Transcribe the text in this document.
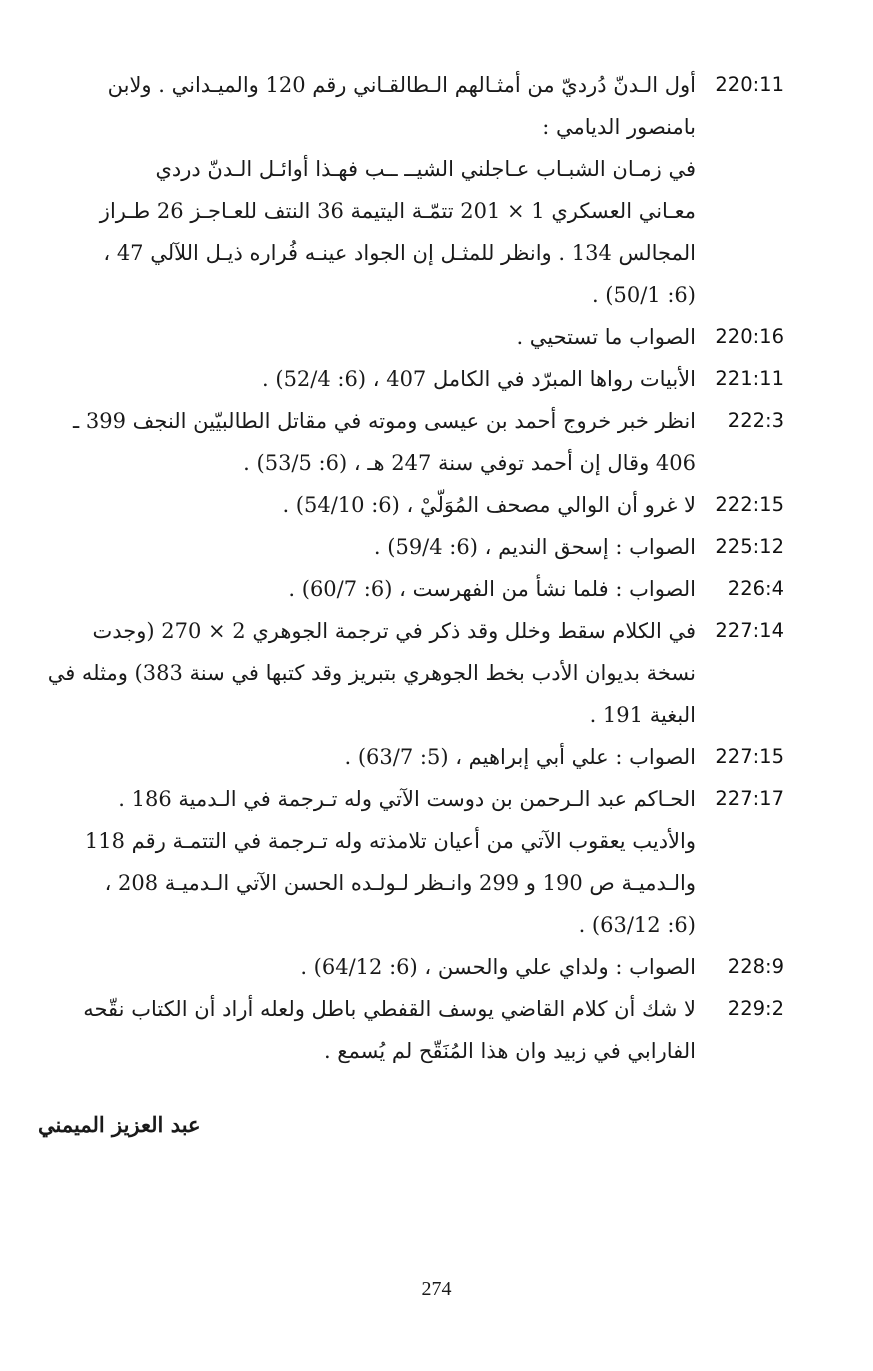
220:11
أول الـدنّ دُرديّ من أمثـالهم الـطالقـاني رقم 120 والميـداني . ولابن
بامنصور الديامي :
في زمـان الشبـاب عـاجلني الشيــ ــب فهـذا أوائـل الـدنّ دردي
معـاني العسكري 1 × 201 تتمّـة اليتيمة 36 النتف للعـاجـز 26 طـراز
المجالس 134 . وانظر للمثـل إن الجواد عينـه فُراره ذيـل اللآلي 47 ،
(6: 50/1) .
220:16
الصواب ما تستحيي .
221:11
الأبيات رواها المبرّد في الكامل 407 ، (6: 52/4) .
222:3
انظر خبر خروج أحمد بن عيسى وموته في مقاتل الطالبيّين النجف 399 ـ
406 وقال إن أحمد توفي سنة 247 هـ ، (6: 53/5) .
222:15
لا غرو أن الوالي مصحف المُوَلّيْ ، (6: 54/10) .
225:12
الصواب : إسحق النديم ، (6: 59/4) .
226:4
الصواب : فلما نشأ من الفهرست ، (6: 60/7) .
227:14
في الكلام سقط وخلل وقد ذكر في ترجمة الجوهري 2 × 270 (وجدت
نسخة بديوان الأدب بخط الجوهري بتبريز وقد كتبها في سنة 383) ومثله في
البغية 191 .
227:15
الصواب : علي أبي إبراهيم ، (5: 63/7) .
227:17
الحـاكم عبد الـرحمن بن دوست الآتي وله تـرجمة في الـدمية 186 .
والأديب يعقوب الآتي من أعيان تلامذته وله تـرجمة في التتمـة رقم 118
والـدميـة ص 190 و 299 وانـظر لـولـده الحسن الآتي الـدميـة 208 ،
(6: 63/12) .
228:9
الصواب : ولداي علي والحسن ، (6: 64/12) .
229:2
لا شك أن كلام القاضي يوسف القفطي باطل ولعله أراد أن الكتاب نقّحه
الفارابي في زبيد وان هذا المُنَقّح لم يُسمع .
عبد العزيز الميمني
274
